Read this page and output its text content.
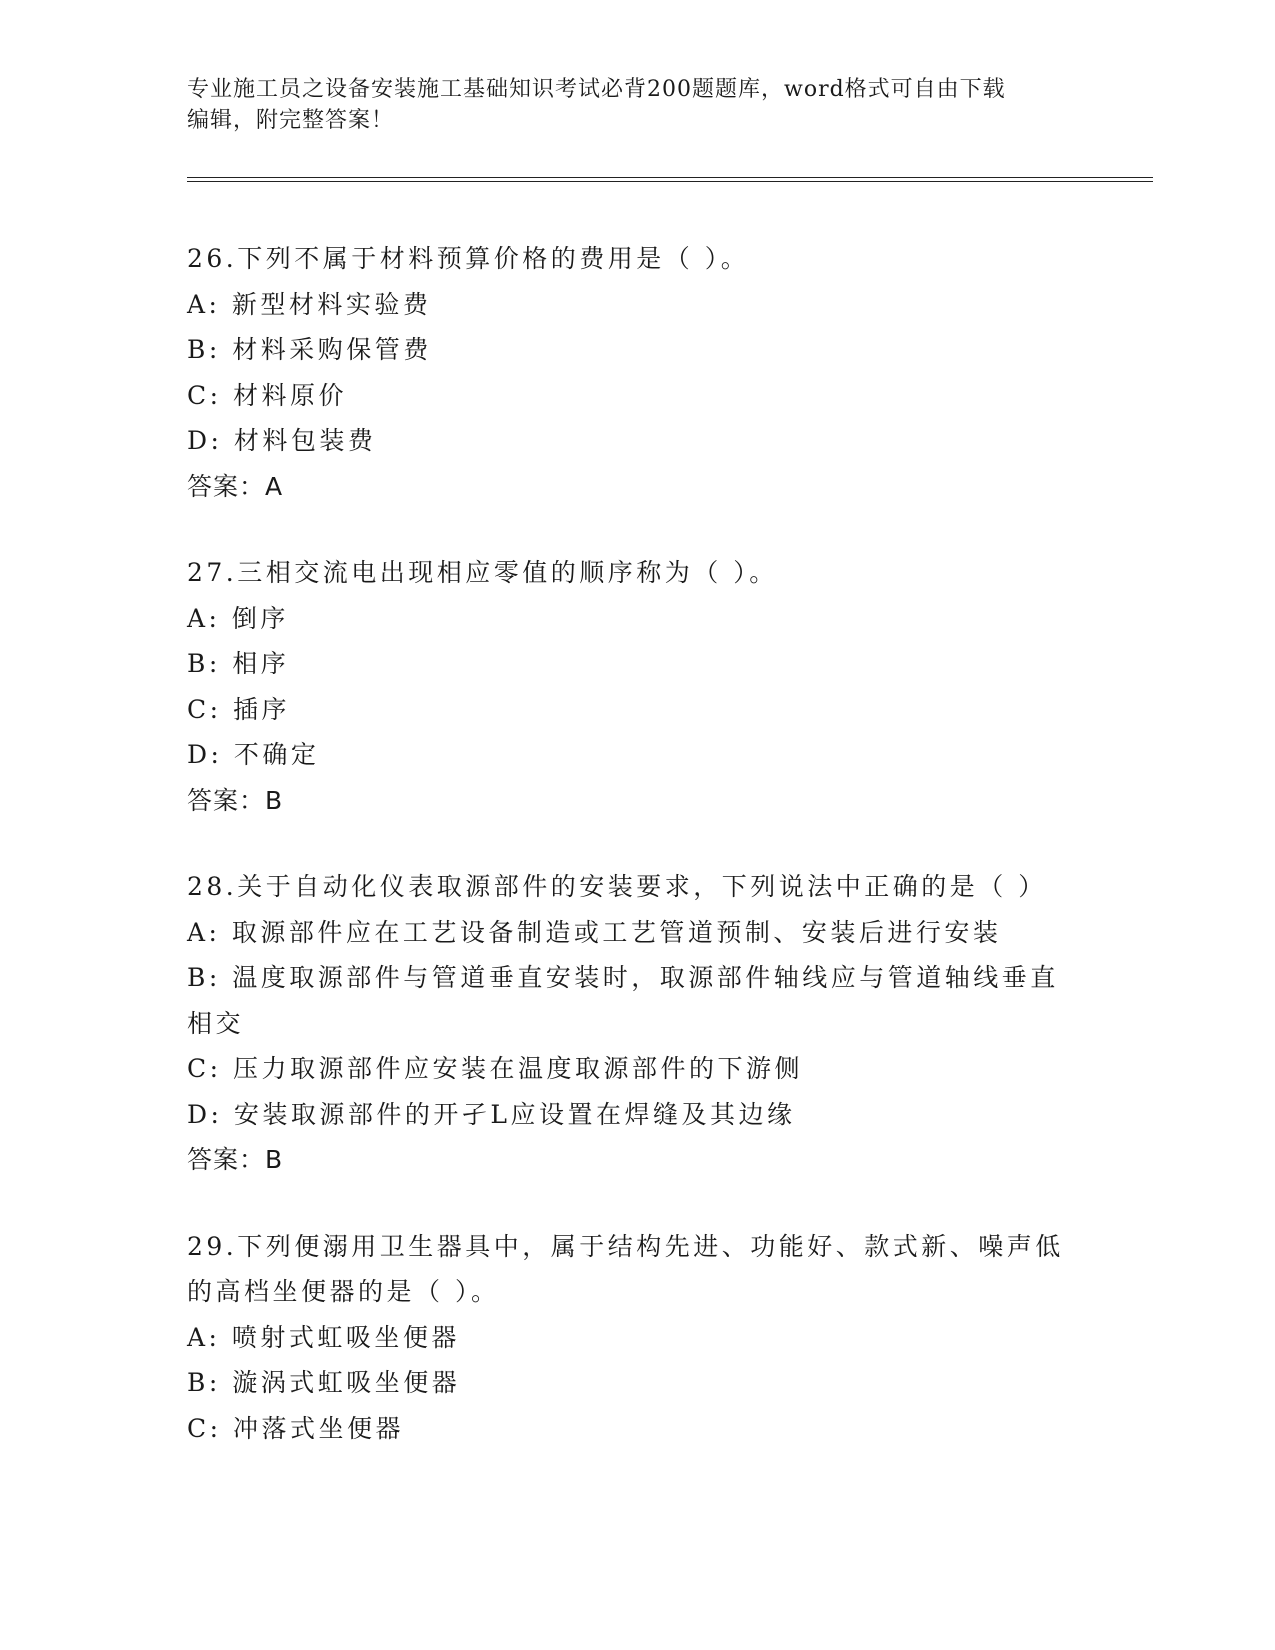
专业施工员之设备安装施工基础知识考试必背200题题库，word格式可自由下载
编辑，附完整答案！
26.下列不属于材料预算价格的费用是（ ）。
A: 新型材料实验费
B: 材料采购保管费
C: 材料原价
D: 材料包装费
答案：A
27.三相交流电出现相应零值的顺序称为（ ）。
A: 倒序
B: 相序
C: 插序
D: 不确定
答案：B
28.关于自动化仪表取源部件的安装要求，下列说法中正确的是（ ）
A: 取源部件应在工艺设备制造或工艺管道预制、安装后进行安装
B: 温度取源部件与管道垂直安装时，取源部件轴线应与管道轴线垂直相交
C: 压力取源部件应安装在温度取源部件的下游侧
D: 安装取源部件的开孑L应设置在焊缝及其边缘
答案：B
29.下列便溺用卫生器具中，属于结构先进、功能好、款式新、噪声低的高档坐便器的是（ ）。
A: 喷射式虹吸坐便器
B: 漩涡式虹吸坐便器
C: 冲落式坐便器
